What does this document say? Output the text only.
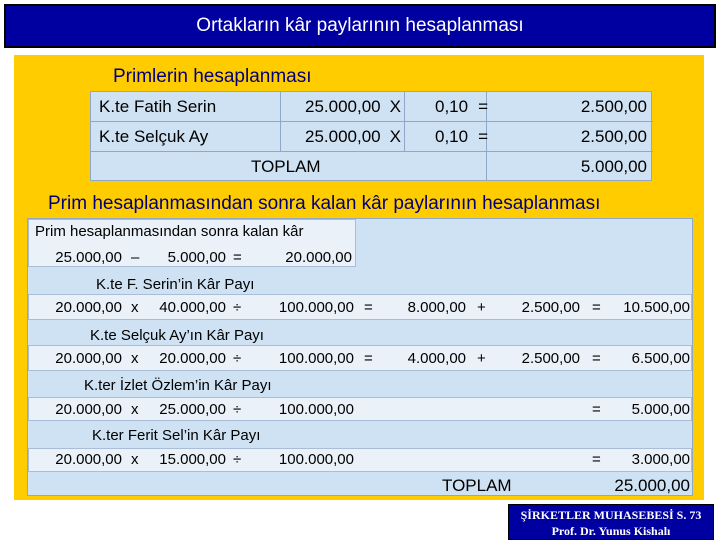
Ortakların kâr paylarının hesaplanması
Primlerin hesaplanması
K.te Fatih Serin	25.000,00 X 0,10 =	2.500,00
K.te Selçuk Ay	25.000,00 X 0,10 =	2.500,00
TOPLAM	5.000,00
Prim hesaplanmasından sonra kalan kâr paylarının hesaplanması
Prim hesaplanmasından sonra kalan kâr
25.000,00 –	5.000,00 =	20.000,00
K.te F. Serin’in Kâr Payı
20.000,00 x	40.000,00 ÷	100.000,00 =	8.000,00 +	2.500,00 =	10.500,00
K.te Selçuk Ay’ın Kâr Payı
20.000,00 x	20.000,00 ÷	100.000,00 =	4.000,00 +	2.500,00 =	6.500,00
K.ter İzlet Özlem’in Kâr Payı
20.000,00 x	25.000,00 ÷	100.000,00	=	5.000,00
K.ter Ferit Sel’in Kâr Payı
20.000,00 x	15.000,00 ÷	100.000,00	=	3.000,00
TOPLAM	25.000,00
ŞİRKETLER MUHASEBESİ S. 73
Prof. Dr. Yunus Kishalı
